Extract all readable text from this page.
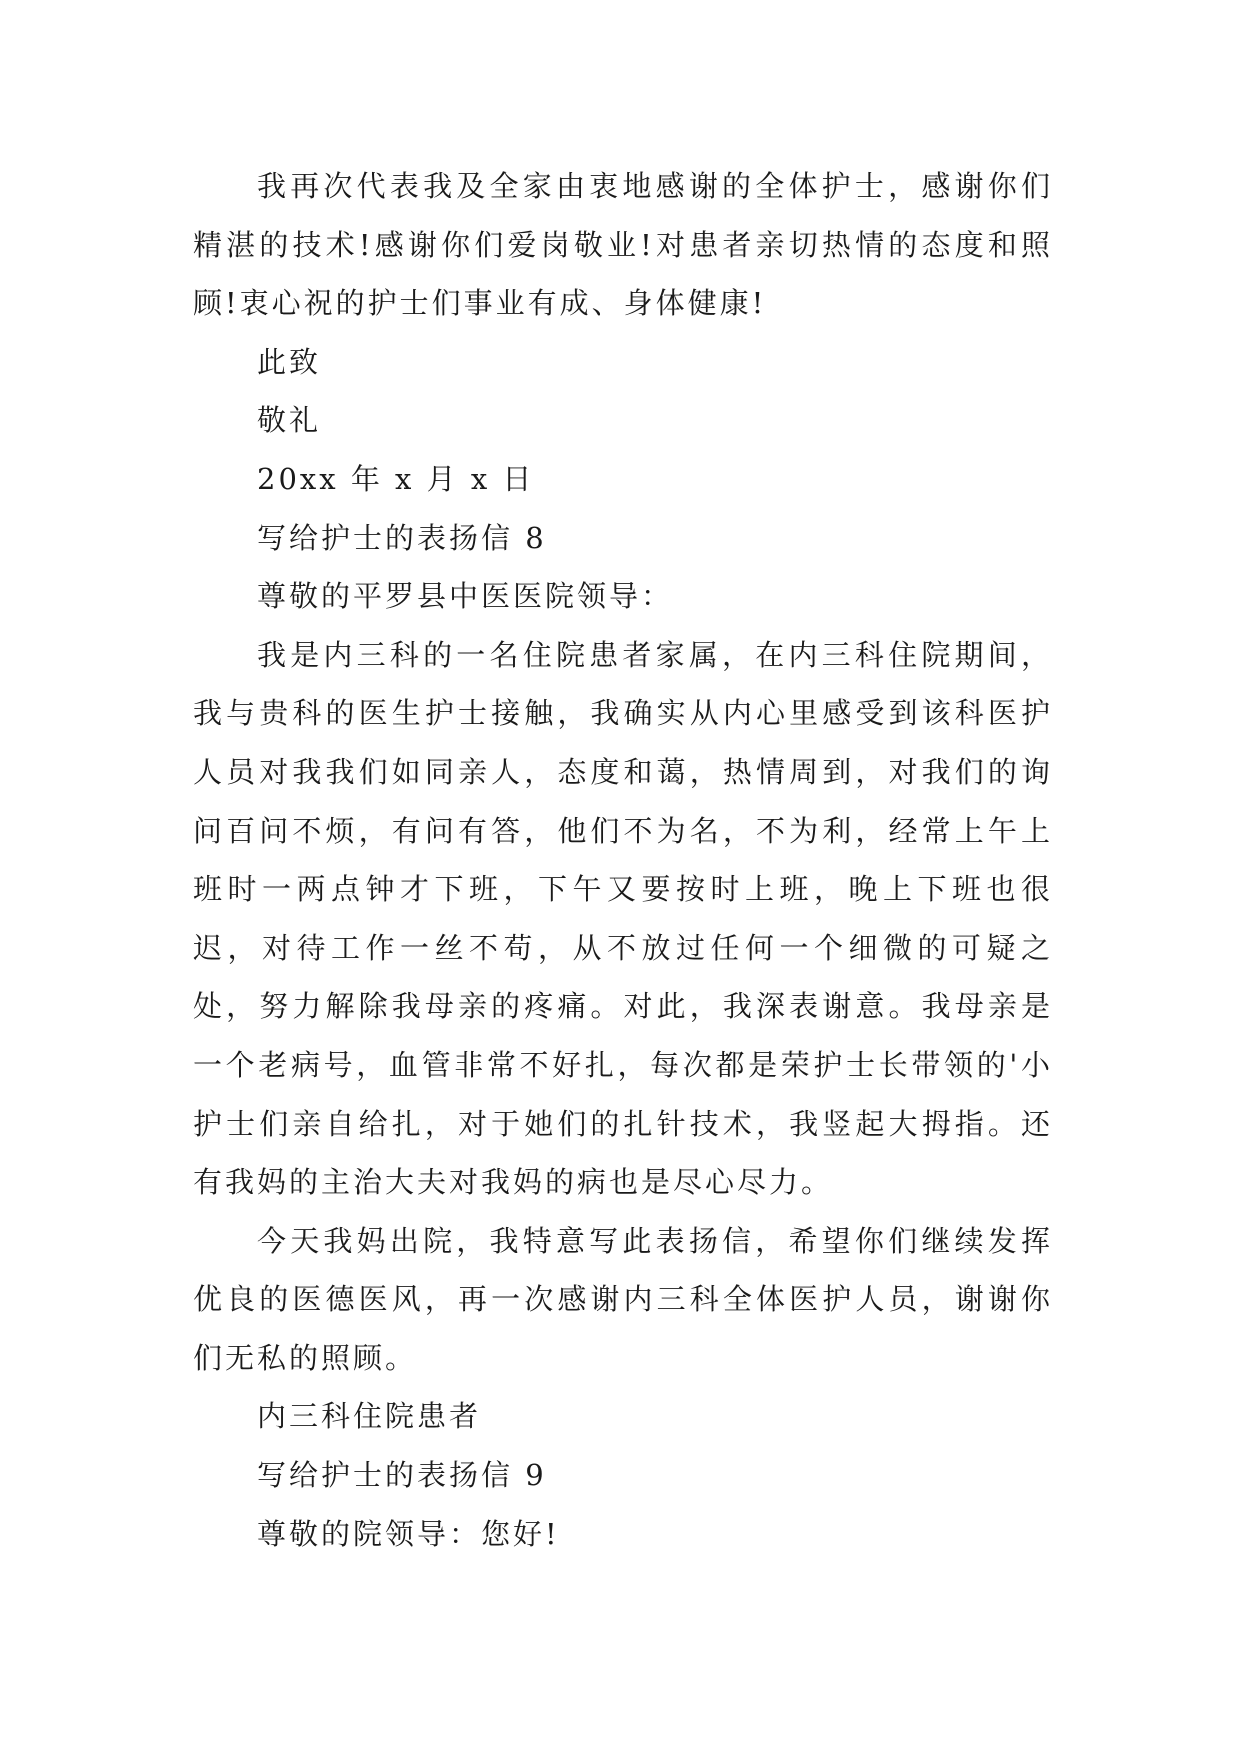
我再次代表我及全家由衷地感谢的全体护士，感谢你们精湛的技术!感谢你们爱岗敬业!对患者亲切热情的态度和照顾!衷心祝的护士们事业有成、身体健康!

此致

敬礼

20xx 年 x 月 x 日

写给护士的表扬信 8

尊敬的平罗县中医医院领导：

我是内三科的一名住院患者家属，在内三科住院期间，我与贵科的医生护士接触，我确实从内心里感受到该科医护人员对我我们如同亲人，态度和蔼，热情周到，对我们的询问百问不烦，有问有答，他们不为名，不为利，经常上午上班时一两点钟才下班，下午又要按时上班，晚上下班也很迟，对待工作一丝不苟，从不放过任何一个细微的可疑之处，努力解除我母亲的疼痛。对此，我深表谢意。我母亲是一个老病号，血管非常不好扎，每次都是荣护士长带领的'小护士们亲自给扎，对于她们的扎针技术，我竖起大拇指。还有我妈的主治大夫对我妈的病也是尽心尽力。

今天我妈出院，我特意写此表扬信，希望你们继续发挥优良的医德医风，再一次感谢内三科全体医护人员，谢谢你们无私的照顾。

内三科住院患者

写给护士的表扬信 9

尊敬的院领导：您好!
